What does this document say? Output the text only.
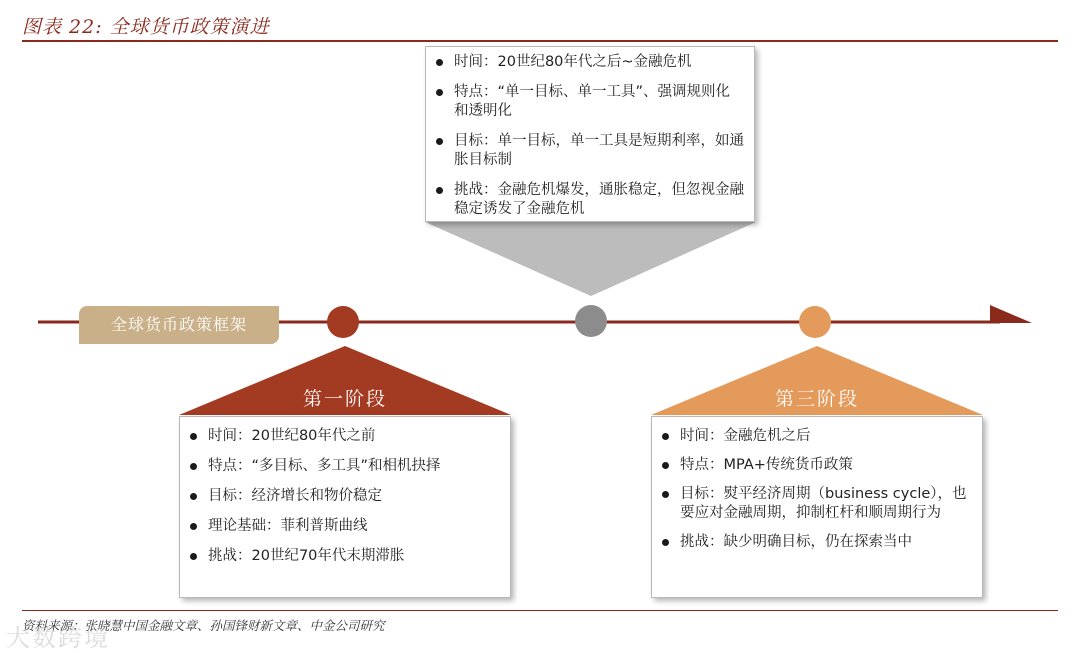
图表 22: 全球货币政策演进
全球货币政策框架
时间：20世纪80年代之后~金融危机
特点：“单一目标、单一工具”、强调规则化和透明化
目标：单一目标，单一工具是短期利率，如通胀目标制
挑战：金融危机爆发，通胀稳定，但忽视金融稳定诱发了金融危机
第一阶段	第三阶段
时间：20世纪80年代之前
特点：“多目标、多工具”和相机抉择
目标：经济增长和物价稳定
理论基础：菲利普斯曲线
挑战：20世纪70年代末期滞胀
时间：金融危机之后
特点：MPA+传统货币政策
目标：熨平经济周期（business cycle），也要应对金融周期，抑制杠杆和顺周期行为
挑战：缺少明确目标，仍在探索当中
资料来源：张晓慧中国金融文章、孙国锋财新文章、中金公司研究
大数跨境
